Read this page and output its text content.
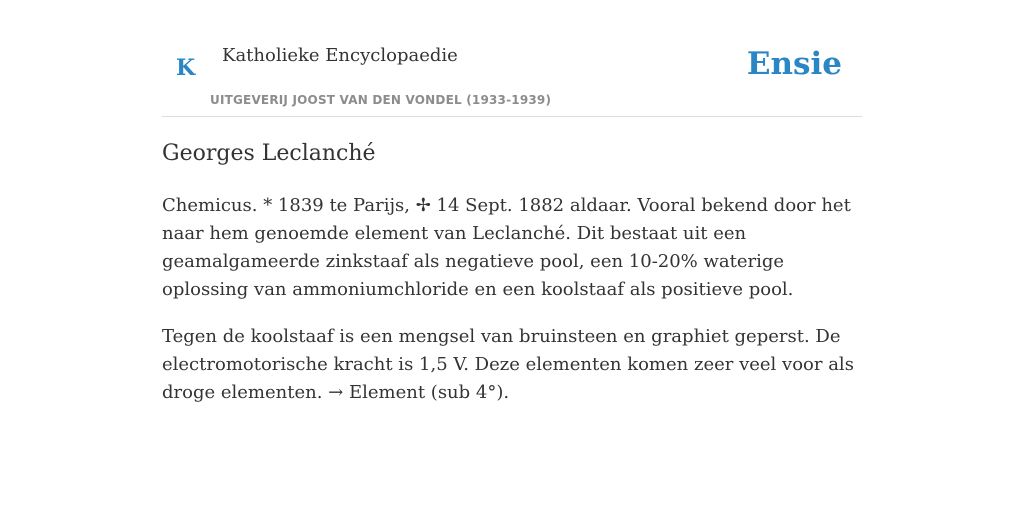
K Katholieke Encyclopaedie
UITGEVERIJ JOOST VAN DEN VONDEL (1933-1939)
Ensie
Georges Leclanché

Chemicus. * 1839 te Parijs, ✢ 14 Sept. 1882 aldaar. Vooral bekend door het naar hem genoemde element van Leclanché. Dit bestaat uit een geamalgameerde zinkstaaf als negatieve pool, een 10-20% waterige oplossing van ammoniumchloride en een koolstaaf als positieve pool.

Tegen de koolstaaf is een mengsel van bruinsteen en graphiet geperst. De electromotorische kracht is 1,5 V. Deze elementen komen zeer veel voor als droge elementen. → Element (sub 4°).
